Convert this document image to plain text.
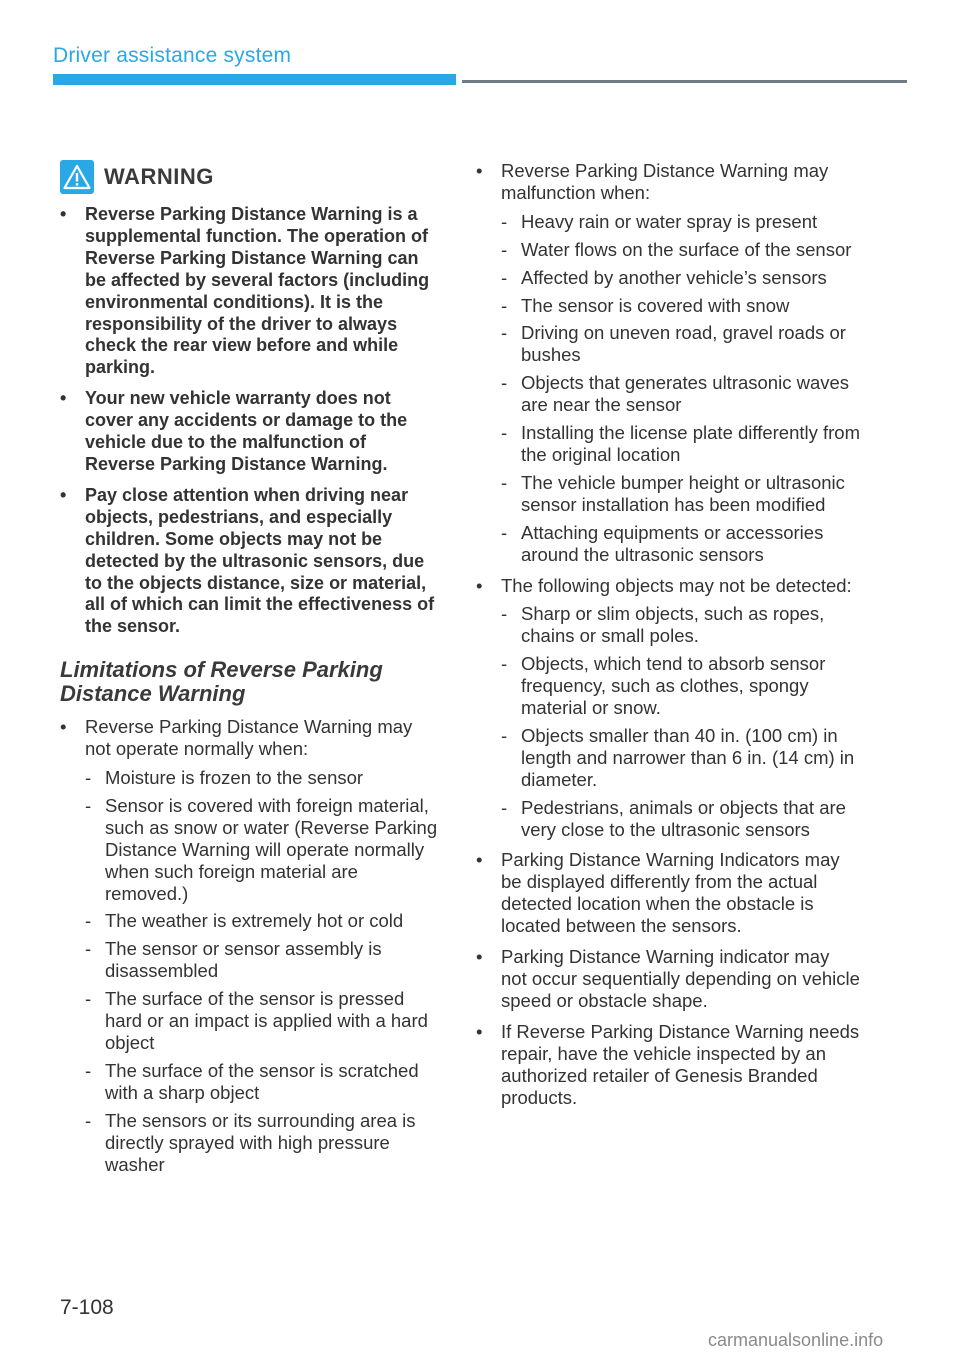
Driver assistance system
WARNING
• Reverse Parking Distance Warning is a supplemental function. The operation of Reverse Parking Distance Warning can be affected by several factors (including environmental conditions). It is the responsibility of the driver to always check the rear view before and while parking.
• Your new vehicle warranty does not cover any accidents or damage to the vehicle due to the malfunction of Reverse Parking Distance Warning.
• Pay close attention when driving near objects, pedestrians, and especially children. Some objects may not be detected by the ultrasonic sensors, due to the objects distance, size or material, all of which can limit the effectiveness of the sensor.
Limitations of Reverse Parking Distance Warning
• Reverse Parking Distance Warning may not operate normally when:
- Moisture is frozen to the sensor
- Sensor is covered with foreign material, such as snow or water (Reverse Parking Distance Warning will operate normally when such foreign material are removed.)
- The weather is extremely hot or cold
- The sensor or sensor assembly is disassembled
- The surface of the sensor is pressed hard or an impact is applied with a hard object
- The surface of the sensor is scratched with a sharp object
- The sensors or its surrounding area is directly sprayed with high pressure washer
• Reverse Parking Distance Warning may malfunction when:
- Heavy rain or water spray is present
- Water flows on the surface of the sensor
- Affected by another vehicle’s sensors
- The sensor is covered with snow
- Driving on uneven road, gravel roads or bushes
- Objects that generates ultrasonic waves are near the sensor
- Installing the license plate differently from the original location
- The vehicle bumper height or ultrasonic sensor installation has been modified
- Attaching equipments or accessories around the ultrasonic sensors
• The following objects may not be detected:
- Sharp or slim objects, such as ropes, chains or small poles.
- Objects, which tend to absorb sensor frequency, such as clothes, spongy material or snow.
- Objects smaller than 40 in. (100 cm) in length and narrower than 6 in. (14 cm) in diameter.
- Pedestrians, animals or objects that are very close to the ultrasonic sensors
• Parking Distance Warning Indicators may be displayed differently from the actual detected location when the obstacle is located between the sensors.
• Parking Distance Warning indicator may not occur sequentially depending on vehicle speed or obstacle shape.
• If Reverse Parking Distance Warning needs repair, have the vehicle inspected by an authorized retailer of Genesis Branded products.
7-108
carmanualsonline.info
